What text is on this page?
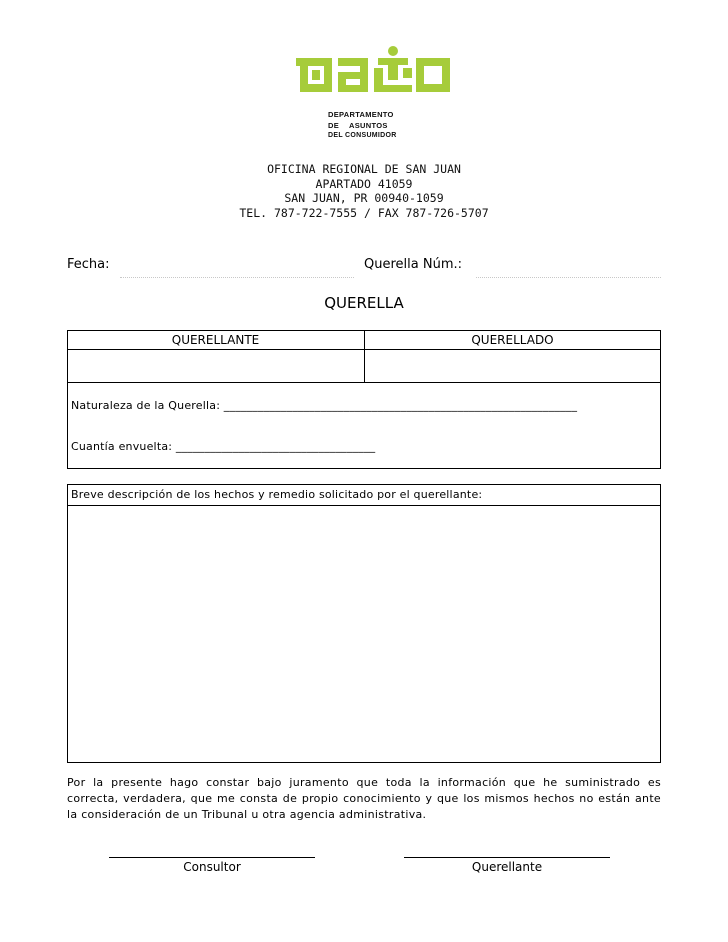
DEPARTAMENTO
DE ASUNTOS
DEL CONSUMIDOR
OFICINA REGIONAL DE SAN JUAN
APARTADO 41059
SAN JUAN, PR 00940-1059
TEL. 787-722-7555 / FAX 787-726-5707
Fecha:	Querella Núm.:
QUERELLA
QUERELLANTE	QUERELLADO
Naturaleza de la Querella: ______________________________________________________________
Cuantía envuelta: ___________________________________
Breve descripción de los hechos y remedio solicitado por el querellante:
Por la presente hago constar bajo juramento que toda la información que he suministrado es correcta, verdadera, que me consta de propio conocimiento y que los mismos hechos no están ante la consideración de un Tribunal u otra agencia administrativa.
Consultor	Querellante
